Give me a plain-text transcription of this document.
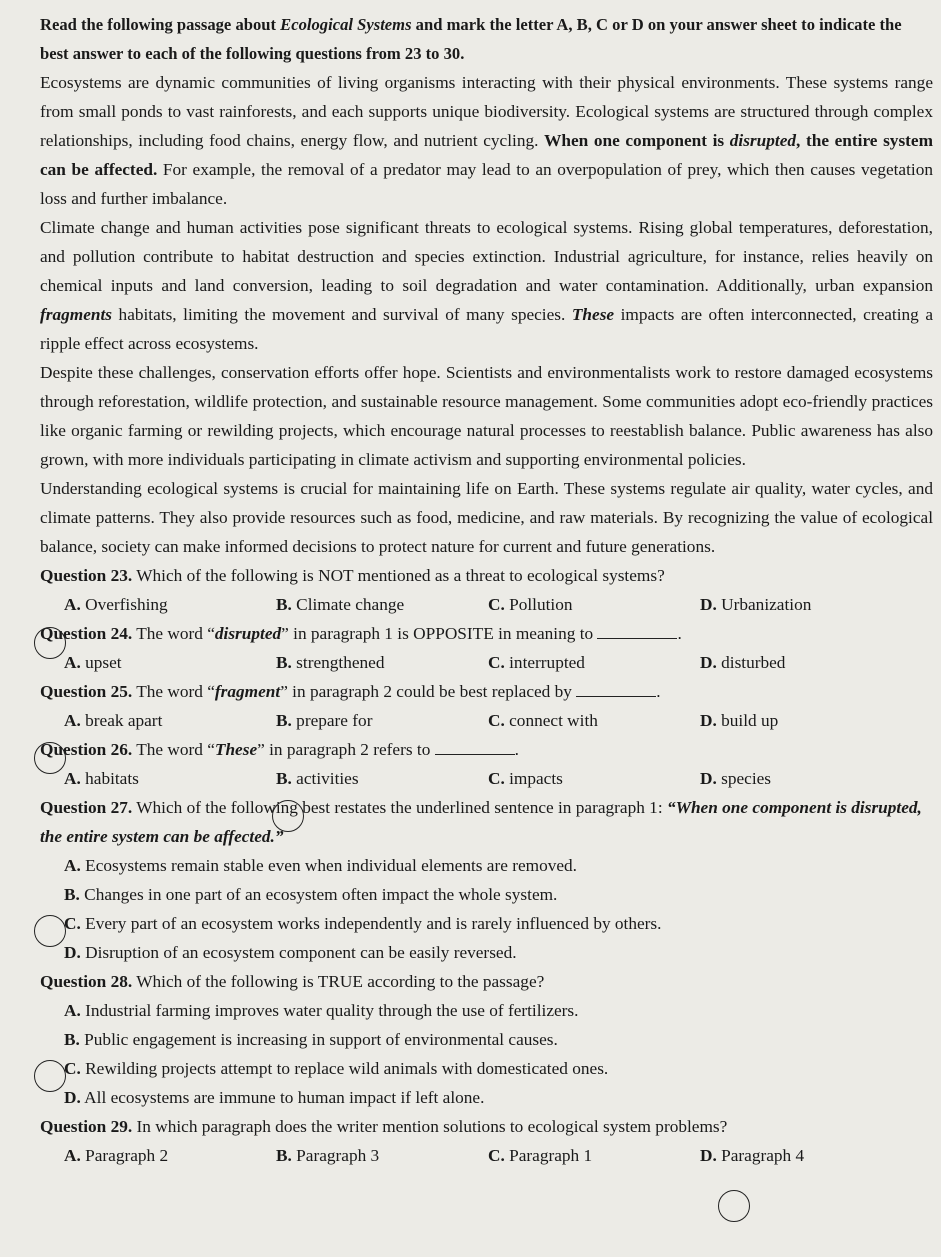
Read the following passage about Ecological Systems and mark the letter A, B, C or D on your answer sheet to indicate the best answer to each of the following questions from 23 to 30.

Ecosystems are dynamic communities of living organisms interacting with their physical environments. These systems range from small ponds to vast rainforests, and each supports unique biodiversity. Ecological systems are structured through complex relationships, including food chains, energy flow, and nutrient cycling. When one component is disrupted, the entire system can be affected. For example, the removal of a predator may lead to an overpopulation of prey, which then causes vegetation loss and further imbalance.

Climate change and human activities pose significant threats to ecological systems. Rising global temperatures, deforestation, and pollution contribute to habitat destruction and species extinction. Industrial agriculture, for instance, relies heavily on chemical inputs and land conversion, leading to soil degradation and water contamination. Additionally, urban expansion fragments habitats, limiting the movement and survival of many species. These impacts are often interconnected, creating a ripple effect across ecosystems.

Despite these challenges, conservation efforts offer hope. Scientists and environmentalists work to restore damaged ecosystems through reforestation, wildlife protection, and sustainable resource management. Some communities adopt eco-friendly practices like organic farming or rewilding projects, which encourage natural processes to reestablish balance. Public awareness has also grown, with more individuals participating in climate activism and supporting environmental policies.

Understanding ecological systems is crucial for maintaining life on Earth. These systems regulate air quality, water cycles, and climate patterns. They also provide resources such as food, medicine, and raw materials. By recognizing the value of ecological balance, society can make informed decisions to protect nature for current and future generations.

Question 23. Which of the following is NOT mentioned as a threat to ecological systems?

A. Overfishing	B. Climate change	C. Pollution	D. Urbanization

Question 24. The word “disrupted” in paragraph 1 is OPPOSITE in meaning to	.

A. upset	B. strengthened	C. interrupted	D. disturbed

Question 25. The word “fragment” in paragraph 2 could be best replaced by	.

A. break apart	B. prepare for	C. connect with	D. build up

Question 26. The word “These” in paragraph 2 refers to	.

A. habitats	B. activities	C. impacts	D. species

Question 27. Which of the following best restates the underlined sentence in paragraph 1: “When one component is disrupted, the entire system can be affected.”

A. Ecosystems remain stable even when individual elements are removed.

B. Changes in one part of an ecosystem often impact the whole system.

C. Every part of an ecosystem works independently and is rarely influenced by others.

D. Disruption of an ecosystem component can be easily reversed.

Question 28. Which of the following is TRUE according to the passage?

A. Industrial farming improves water quality through the use of fertilizers.

B. Public engagement is increasing in support of environmental causes.

C. Rewilding projects attempt to replace wild animals with domesticated ones.

D. All ecosystems are immune to human impact if left alone.

Question 29. In which paragraph does the writer mention solutions to ecological system problems?

A. Paragraph 2	B. Paragraph 3	C. Paragraph 1	D. Paragraph 4
